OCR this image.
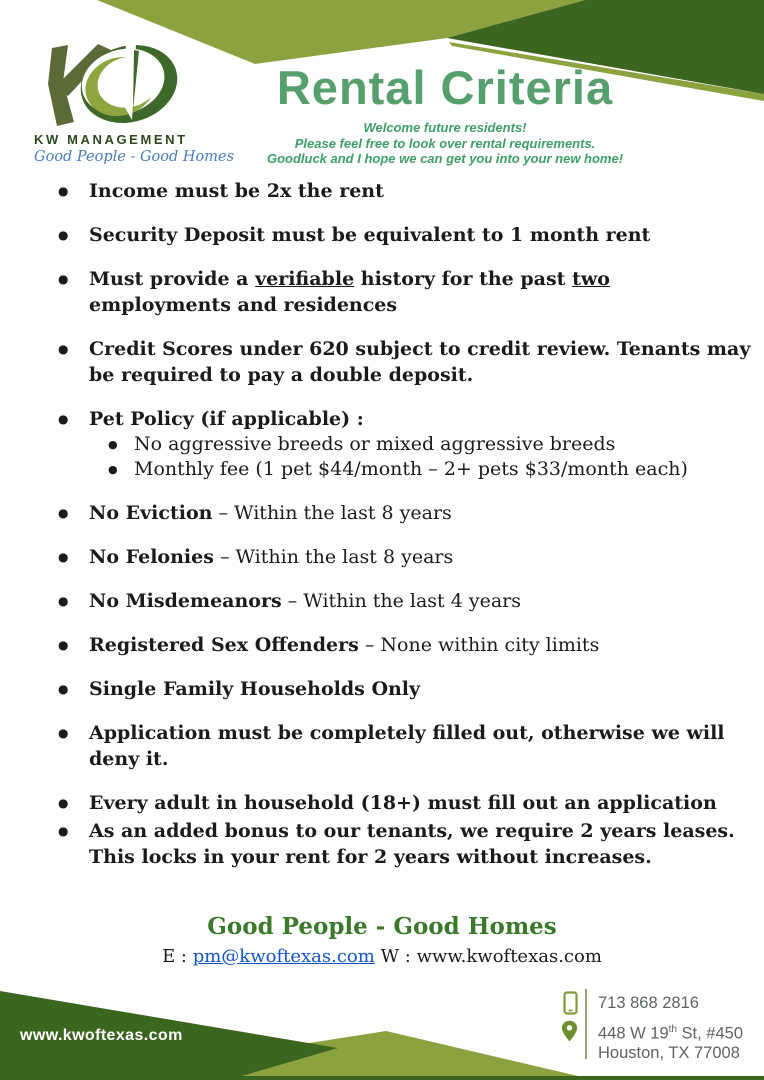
KW MANAGEMENT
Good People - Good Homes
Rental Criteria
Welcome future residents!
Please feel free to look over rental requirements.
Goodluck and I hope we can get you into your new home!
● Income must be 2x the rent
● Security Deposit must be equivalent to 1 month rent
● Must provide a verifiable history for the past two
employments and residences
● Credit Scores under 620 subject to credit review. Tenants may
be required to pay a double deposit.
● Pet Policy (if applicable) :
● No aggressive breeds or mixed aggressive breeds
● Monthly fee (1 pet $44/month – 2+ pets $33/month each)
● No Eviction – Within the last 8 years
● No Felonies – Within the last 8 years
● No Misdemeanors – Within the last 4 years
● Registered Sex Offenders – None within city limits
● Single Family Households Only
● Application must be completely filled out, otherwise we will
deny it.
● Every adult in household (18+) must fill out an application
● As an added bonus to our tenants, we require 2 years leases.
This locks in your rent for 2 years without increases.
Good People - Good Homes
E : pm@kwoftexas.com W : www.kwoftexas.com
www.kwoftexas.com
713 868 2816
448 W 19th St, #450
Houston, TX 77008
